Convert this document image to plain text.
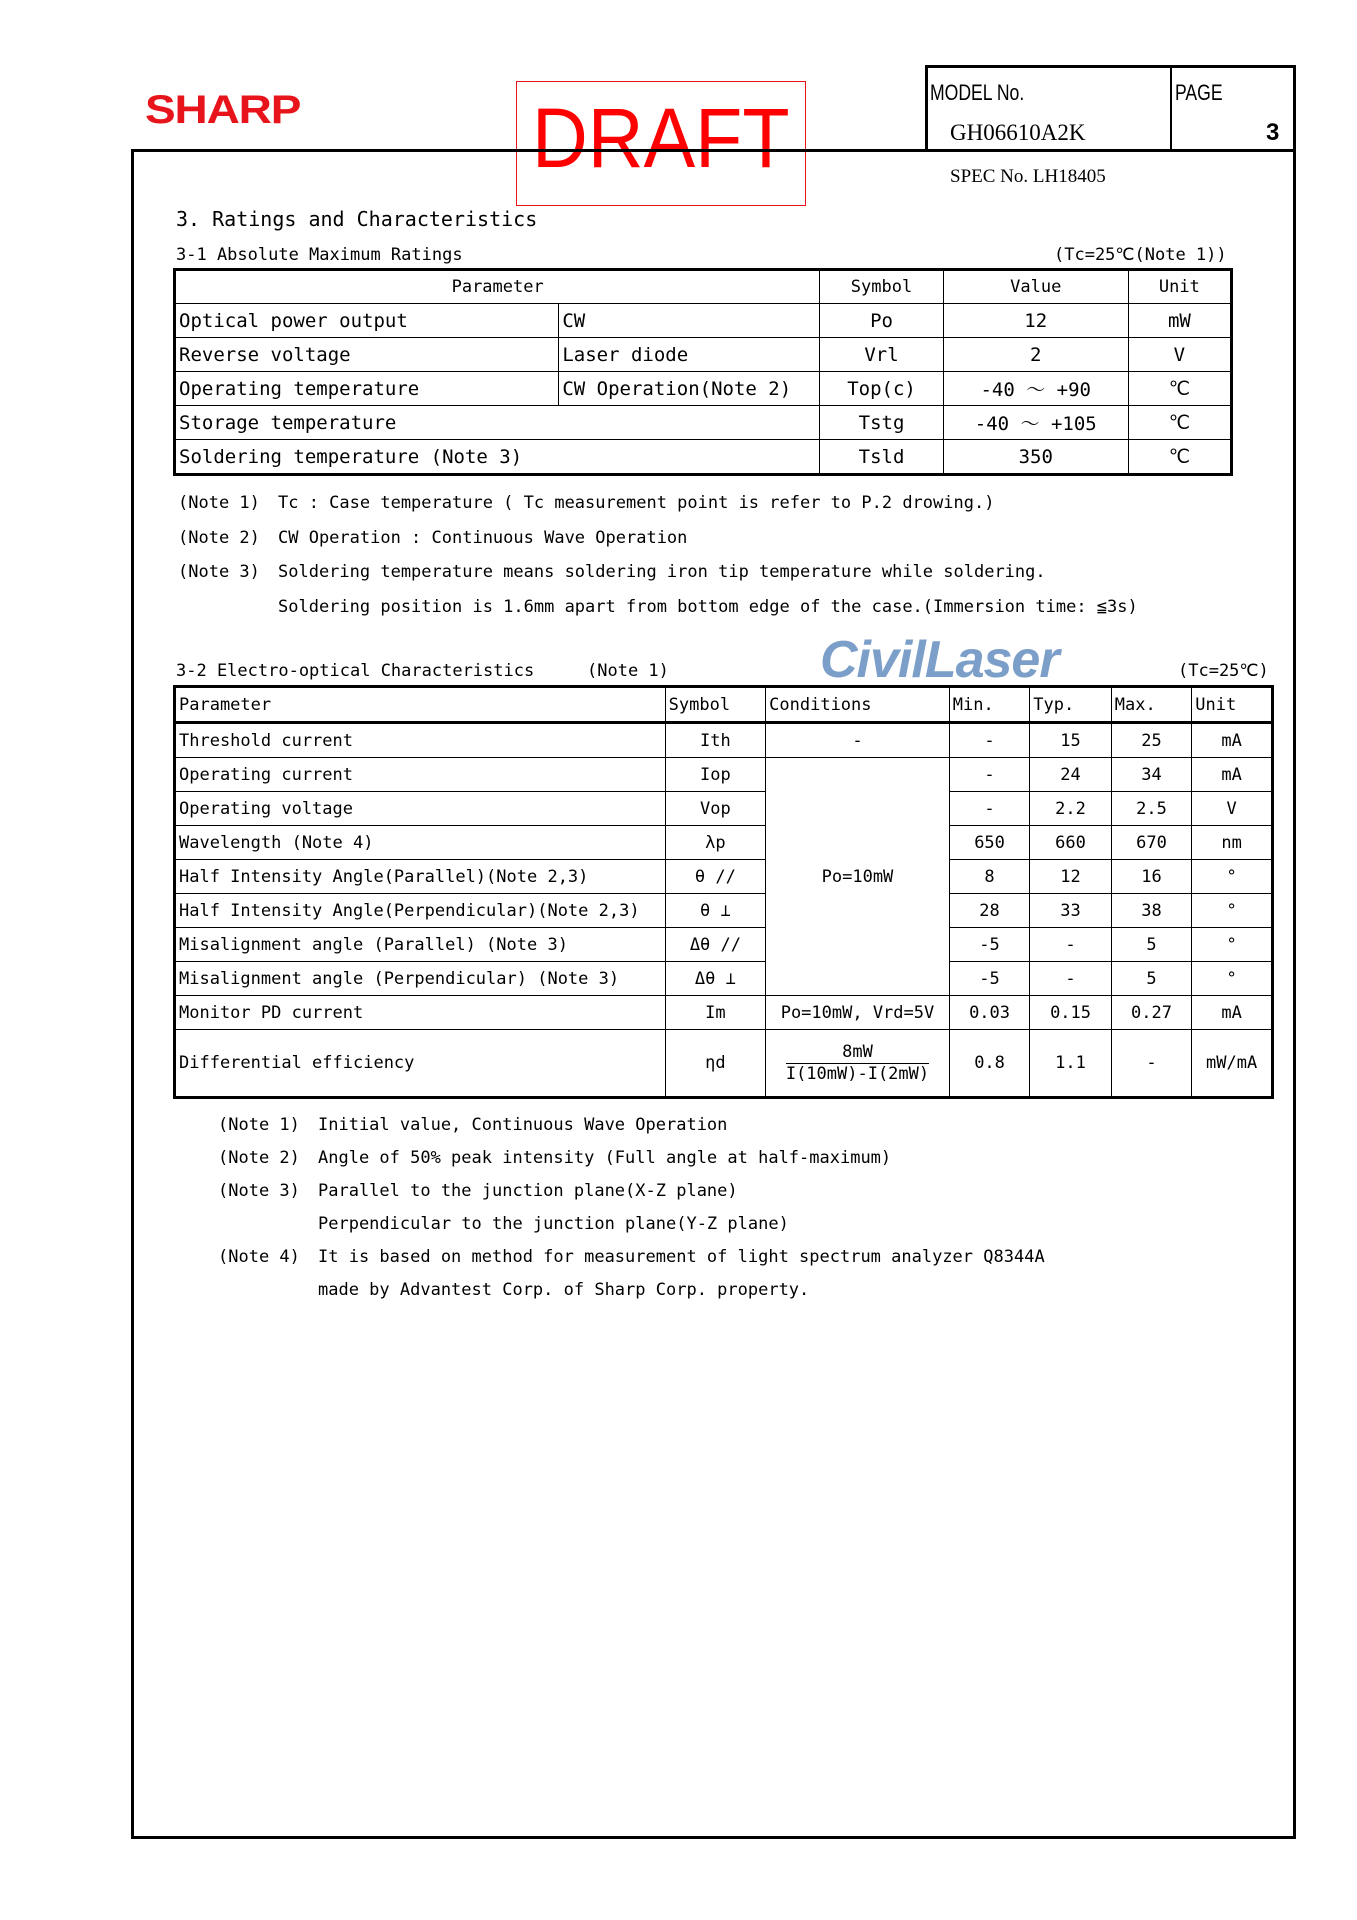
SHARP	DRAFT	MODEL No.	PAGE
GH06610A2K	3
SPEC No. LH18405
3. Ratings and Characteristics
3-1 Absolute Maximum Ratings	(Tc=25℃(Note 1))
Parameter		Symbol	Value	Unit
Optical power output	CW	Po	12	mW
Reverse voltage	Laser diode	Vrl	2	V
Operating temperature	CW Operation(Note 2)	Top(c)	-40 ～ +90	℃
Storage temperature		Tstg	-40 ～ +105	℃
Soldering temperature (Note 3)		Tsld	350	℃
(Note 1) Tc : Case temperature ( Tc measurement point is refer to P.2 drowing.)
(Note 2) CW Operation : Continuous Wave Operation
(Note 3) Soldering temperature means soldering iron tip temperature while soldering.
Soldering position is 1.6mm apart from bottom edge of the case.(Immersion time: ≦3s)
3-2 Electro-optical Characteristics	(Note 1)	CivilLaser	(Tc=25℃)
Parameter	Symbol	Conditions	Min.	Typ.	Max.	Unit
Threshold current	Ith	-	-	15	25	mA
Operating current	Iop	Po=10mW	-	24	34	mA
Operating voltage	Vop		-	2.2	2.5	V
Wavelength (Note 4)	λp		650	660	670	nm
Half Intensity Angle(Parallel)(Note 2,3)	θ //		8	12	16	°
Half Intensity Angle(Perpendicular)(Note 2,3)	θ ⊥		28	33	38	°
Misalignment angle (Parallel) (Note 3)	Δθ //		-5	-	5	°
Misalignment angle (Perpendicular) (Note 3)	Δθ ⊥		-5	-	5	°
Monitor PD current	Im	Po=10mW, Vrd=5V	0.03	0.15	0.27	mA
Differential efficiency	ηd	$\frac{8mW}{I(10mW)-I(2mW)}$	0.8	1.1	-	mW/mA
(Note 1) Initial value, Continuous Wave Operation
(Note 2) Angle of 50% peak intensity (Full angle at half-maximum)
(Note 3) Parallel to the junction plane(X-Z plane)
Perpendicular to the junction plane(Y-Z plane)
(Note 4) It is based on method for measurement of light spectrum analyzer Q8344A
made by Advantest Corp. of Sharp Corp. property.
